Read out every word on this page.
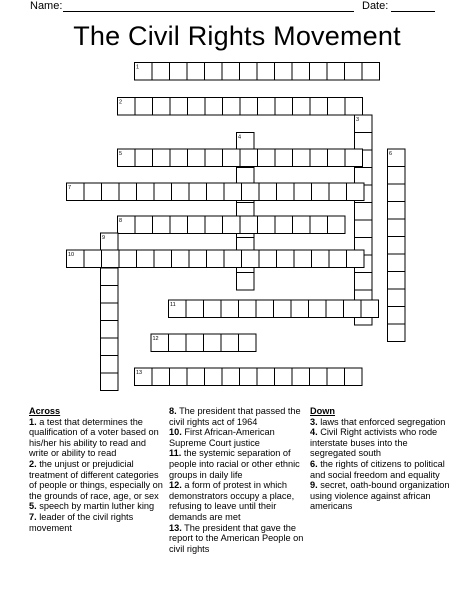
Name:	Date:
The Civil Rights Movement
1
2
3
4
5	6
7
8
9
10
11
12
13
Across
1. a test that determines the qualification of a voter based on his/her his ability to read and write or ability to read
2. the unjust or prejudicial treatment of different categories of people or things, especially on the grounds of race, age, or sex
5. speech by martin luther king
7. leader of the civil rights movement
8. The president that passed the civil rights act of 1964
10. First African-American Supreme Court justice
11. the systemic separation of people into racial or other ethnic groups in daily life
12. a form of protest in which demonstrators occupy a place, refusing to leave until their demands are met
13. The president that gave the report to the American People on civil rights
Down
3. laws that enforced segregation
4. Civil Right activists who rode interstate buses into the segregated south
6. the rights of citizens to political and social freedom and equality
9. secret, oath-bound organization using violence against african americans
